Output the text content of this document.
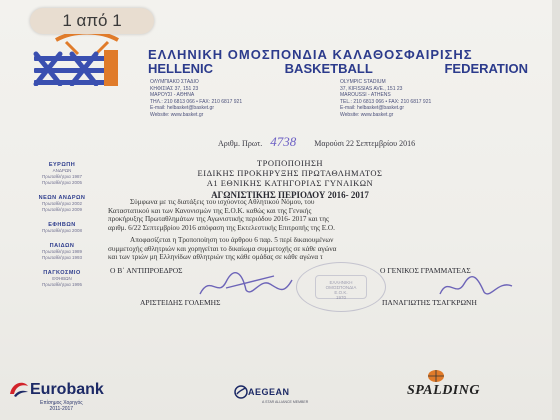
1 από 1
ΕΛΛΗΝΙΚΗ ΟΜΟΣΠΟΝΔΙΑ ΚΑΛΑΘΟΣΦΑΙΡΙΣΗΣ
HELLENIC	BASKETBALL	FEDERATION
ΟΛΥΜΠΙΑΚΟ ΣΤΑΔΙΟ
ΚΗΦΙΣΙΑΣ 37, 151 23
ΜΑΡΟΥΣΙ - ΑΘΗΝΑ
ΤΗΛ.: 210 6813 066 • FAX: 210 6817 921
E-mail: helbasket@basket.gr
Website: www.basket.gr
OLYMPIC STADIUM
37, KIFISSIAS AVE., 151 23
MAROUSSI - ATHENS
TEL.: 210 6813 066 • FAX: 210 6817 921
E-mail: helbasket@basket.gr
Website: www.basket.gr
Αριθμ. Πρωτ. 4738 Μαρούσι 22 Σεπτεμβρίου 2016
ΕΥΡΩΠΗ
ΑΝΔΡΩΝ
Πρωταθλήτρια 1987
Πρωταθλήτρια 2005
ΝΕΩΝ ΑΝΔΡΩΝ
Πρωταθλήτρια 2002
Πρωταθλήτρια 2009
ΕΦΗΒΩΝ
Πρωταθλήτρια 2008
ΠΑΙΔΩΝ
Πρωταθλήτρια 1989
Πρωταθλήτρια 1993
ΠΑΓΚΟΣΜΙΟ
ΕΦΗΒΩΝ
Πρωταθλήτρια 1995
ΤΡΟΠΟΠΟΙΗΣΗ
ΕΙΔΙΚΗΣ ΠΡΟΚΗΡΥΞΗΣ ΠΡΩΤΑΘΛΗΜΑΤΟΣ
Α1 ΕΘΝΙΚΗΣ ΚΑΤΗΓΟΡΙΑΣ ΓΥΝΑΙΚΩΝ
ΑΓΩΝΙΣΤΙΚΗΣ ΠΕΡΙΟΔΟΥ 2016- 2017
Σύμφωνα με τις διατάξεις του ισχύοντος Αθλητικού Νόμου, του
Καταστατικού και των Κανονισμών της Ε.Ο.Κ. καθώς και της Γενικής
προκήρυξης Πρωταθλημάτων της Αγωνιστικής περιόδου 2016- 2017 και της
αριθμ. 6/22 Σεπτεμβρίου 2016 απόφαση της Εκτελεστικής Επιτροπής της Ε.Ο.
Αποφασίζεται η Τροποποίηση του άρθρου 6 παρ. 5 περί δικαιουμένων
συμμετοχής αθλητριών και χορηγείται το δικαίωμα συμμετοχής σε κάθε αγώνα
και των τριών μη Ελληνίδων αθλητριών της κάθε ομάδας σε κάθε αγώνα τ
Ο Β΄ ΑΝΤΙΠΡΟΕΔΡΟΣ	Ο ΓΕΝΙΚΟΣ ΓΡΑΜΜΑΤΕΑΣ
ΕΛΛΗΝΙΚΗ ΟΜΟΣΠΟΝΔΙΑ
Ε.Ο.Κ.
1970
ΑΡΙΣΤΕΙΔΗΣ ΓΟΛΕΜΗΣ	ΠΑΝΑΓΙΩΤΗΣ ΤΣΑΓΚΡΩΝΗ
Eurobank
Επίσημος Χορηγός
2011-2017
AEGEAN
A STAR ALLIANCE MEMBER
SPALDING
